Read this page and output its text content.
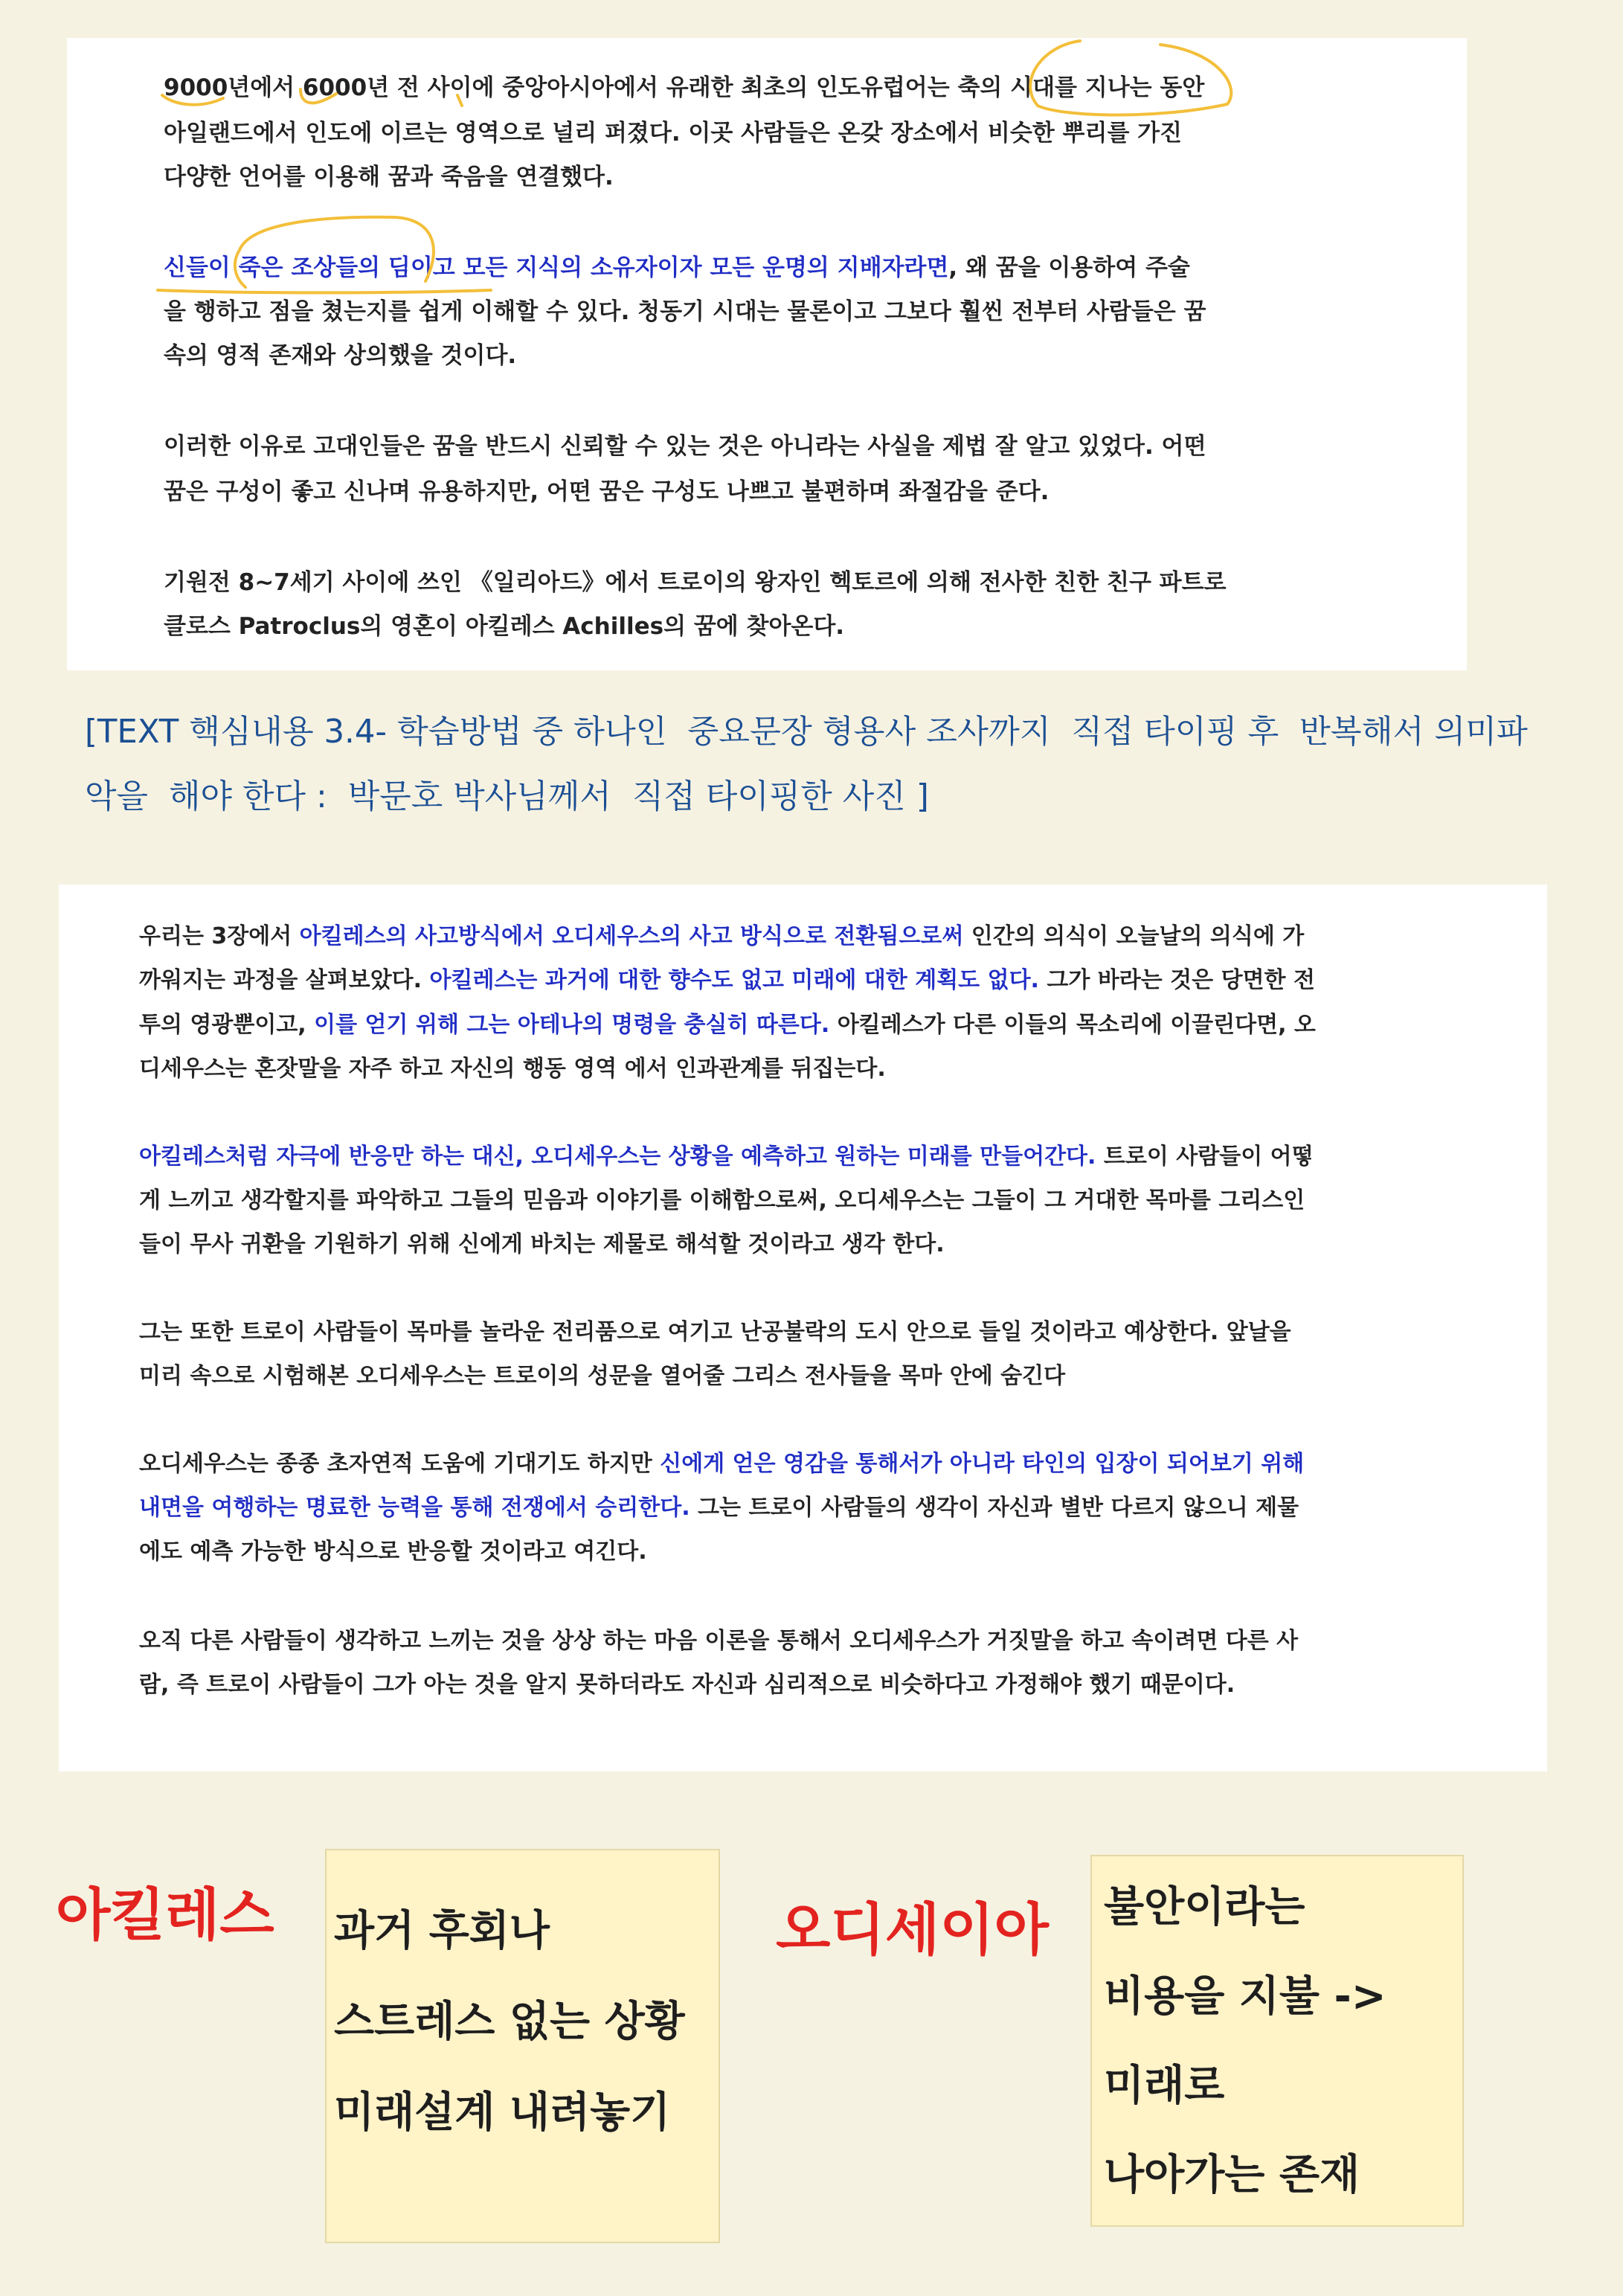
9000년에서 6000년 전 사이에 중앙아시아에서 유래한 최초의 인도유럽어는 축의 시대를 지나는 동안
아일랜드에서 인도에 이르는 영역으로 널리 퍼졌다. 이곳 사람들은 온갖 장소에서 비슷한 뿌리를 가진
다양한 언어를 이용해 꿈과 죽음을 연결했다.
신들이 죽은 조상들의 딤이고 모든 지식의 소유자이자 모든 운명의 지배자라면, 왜 꿈을 이용하여 주술
을 행하고 점을 쳤는지를 쉽게 이해할 수 있다. 청동기 시대는 물론이고 그보다 훨씬 전부터 사람들은 꿈
속의 영적 존재와 상의했을 것이다.
이러한 이유로 고대인들은 꿈을 반드시 신뢰할 수 있는 것은 아니라는 사실을 제법 잘 알고 있었다. 어떤
꿈은 구성이 좋고 신나며 유용하지만, 어떤 꿈은 구성도 나쁘고 불편하며 좌절감을 준다.
기원전 8~7세기 사이에 쓰인 《일리아드》에서 트로이의 왕자인 헥토르에 의해 전사한 친한 친구 파트로
클로스 Patroclus의 영혼이 아킬레스 Achilles의 꿈에 찾아온다.
[TEXT 핵심내용 3.4- 학습방법 중 하나인  중요문장 형용사 조사까지  직접 타이핑 후  반복해서 의미파
악을  해야 한다 :  박문호 박사님께서  직접 타이핑한 사진 ]
우리는 3장에서 아킬레스의 사고방식에서 오디세우스의 사고 방식으로 전환됨으로써 인간의 의식이 오늘날의 의식에 가
까워지는 과정을 살펴보았다. 아킬레스는 과거에 대한 향수도 없고 미래에 대한 계획도 없다. 그가 바라는 것은 당면한 전
투의 영광뿐이고, 이를 얻기 위해 그는 아테나의 명령을 충실히 따른다. 아킬레스가 다른 이들의 목소리에 이끌린다면, 오
디세우스는 혼잣말을 자주 하고 자신의 행동 영역 에서 인과관계를 뒤집는다.
아킬레스처럼 자극에 반응만 하는 대신, 오디세우스는 상황을 예측하고 원하는 미래를 만들어간다. 트로이 사람들이 어떻
게 느끼고 생각할지를 파악하고 그들의 믿음과 이야기를 이해함으로써, 오디세우스는 그들이 그 거대한 목마를 그리스인
들이 무사 귀환을 기원하기 위해 신에게 바치는 제물로 해석할 것이라고 생각 한다.
그는 또한 트로이 사람들이 목마를 놀라운 전리품으로 여기고 난공불락의 도시 안으로 들일 것이라고 예상한다. 앞날을
미리 속으로 시험해본 오디세우스는 트로이의 성문을 열어줄 그리스 전사들을 목마 안에 숨긴다
오디세우스는 종종 초자연적 도움에 기대기도 하지만 신에게 얻은 영감을 통해서가 아니라 타인의 입장이 되어보기 위해
내면을 여행하는 명료한 능력을 통해 전쟁에서 승리한다. 그는 트로이 사람들의 생각이 자신과 별반 다르지 않으니 제물
에도 예측 가능한 방식으로 반응할 것이라고 여긴다.
오직 다른 사람들이 생각하고 느끼는 것을 상상 하는 마음 이론을 통해서 오디세우스가 거짓말을 하고 속이려면 다른 사
람, 즉 트로이 사람들이 그가 아는 것을 알지 못하더라도 자신과 심리적으로 비슷하다고 가정해야 했기 때문이다.
아킬레스	과거 후회나
스트레스 없는 상황
미래설계 내려놓기
오디세이아	불안이라는
비용을 지불 ->
미래로
나아가는 존재
